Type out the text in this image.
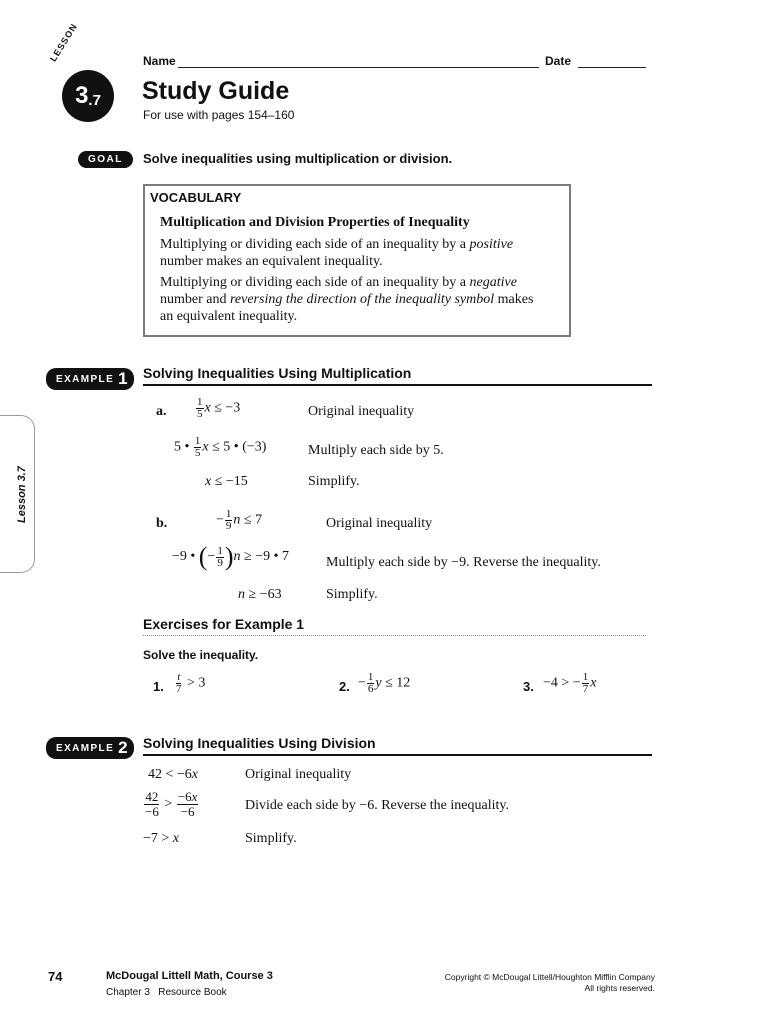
Name	Date
LESSON
3 .7 Study Guide
For use with pages 154–160
GOAL	Solve inequalities using multiplication or division.
VOCABULARY
Multiplication and Division Properties of Inequality
Multiplying or dividing each side of an inequality by a positive
number makes an equivalent inequality.
Multiplying or dividing each side of an inequality by a negative
number and reversing the direction of the inequality symbol makes
an equivalent inequality.
Lesson 3.7
EXAMPLE 1 Solving Inequalities Using Multiplication
a.	$\frac{1}{5}$ x ≤ −3	Original inequality
5 • $\frac{1}{5}$ x ≤ 5 • (−3)	Multiply each side by 5.
x ≤ −15	Simplify.
b.	− $\frac{1}{9}$ n ≤ 7	Original inequality
−9 • (− $\frac{1}{9} )n \ge -9$ • 7	Multiply each side by −9. Reverse the inequality.
n ≥ −63	Simplify.
Exercises for Example 1
Solve the inequality.
1. $\frac{t}{7} > 3$	2. − $\frac{1}{6}$ y ≤ 12	3. −4 > − $\frac{1}{7}$ x
EXAMPLE 2 Solving Inequalities Using Division
42 < −6x	Original inequality
$\frac{42}{-6} > \frac{-6x}{-6}$	Divide each side by −6. Reverse the inequality.
−7 > x	Simplify.
74	McDougal Littell Math, Course 3
Chapter 3 Resource Book
Copyright © McDougal Littell/Houghton Mifflin Company
All rights reserved.
